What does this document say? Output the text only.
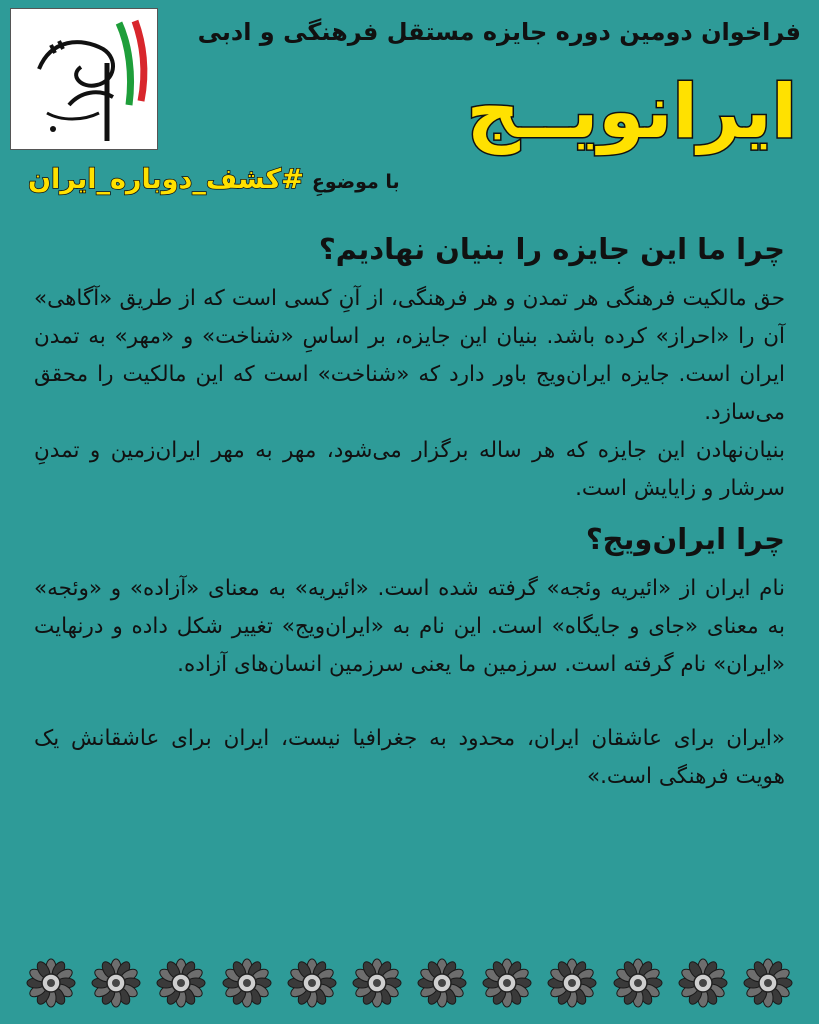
فراخوان دومین دوره جایزه مستقل فرهنگی و ادبی
ایرانویــج
با موضوعِ
#کشف_دوباره_ایران
چرا ما این جایزه را بنیان نهادیم؟

حق مالکیت فرهنگی هر تمدن و هر فرهنگی، از آنِ کسی است که از طریق «آگاهی» آن را «احراز» کرده باشد. بنیان این جایزه، بر اساسِ «شناخت» و «مهر» به تمدن ایران است. جایزه ایران‌ویج باور دارد که «شناخت» است که این مالکیت را محقق می‌سازد.

بنیان‌نهادن این جایزه که هر ساله برگزار می‌شود، مهر به مهر ایران‌زمین و تمدنِ سرشار و زایایش است.

چرا ایران‌ویج؟

نام ایران از «ائیریه وئجه» گرفته شده است. «ائیریه» به معنای «آزاده» و «وئجه» به معنای «جای و جایگاه» است. این نام به «ایران‌ویج» تغییر شکل داده و درنهایت «ایران» نام گرفته است. سرزمین ما یعنی سرزمین انسان‌های آزاده.

«ایران برای عاشقان ایران، محدود به جغرافیا نیست، ایران برای عاشقانش یک هویت فرهنگی است.»
